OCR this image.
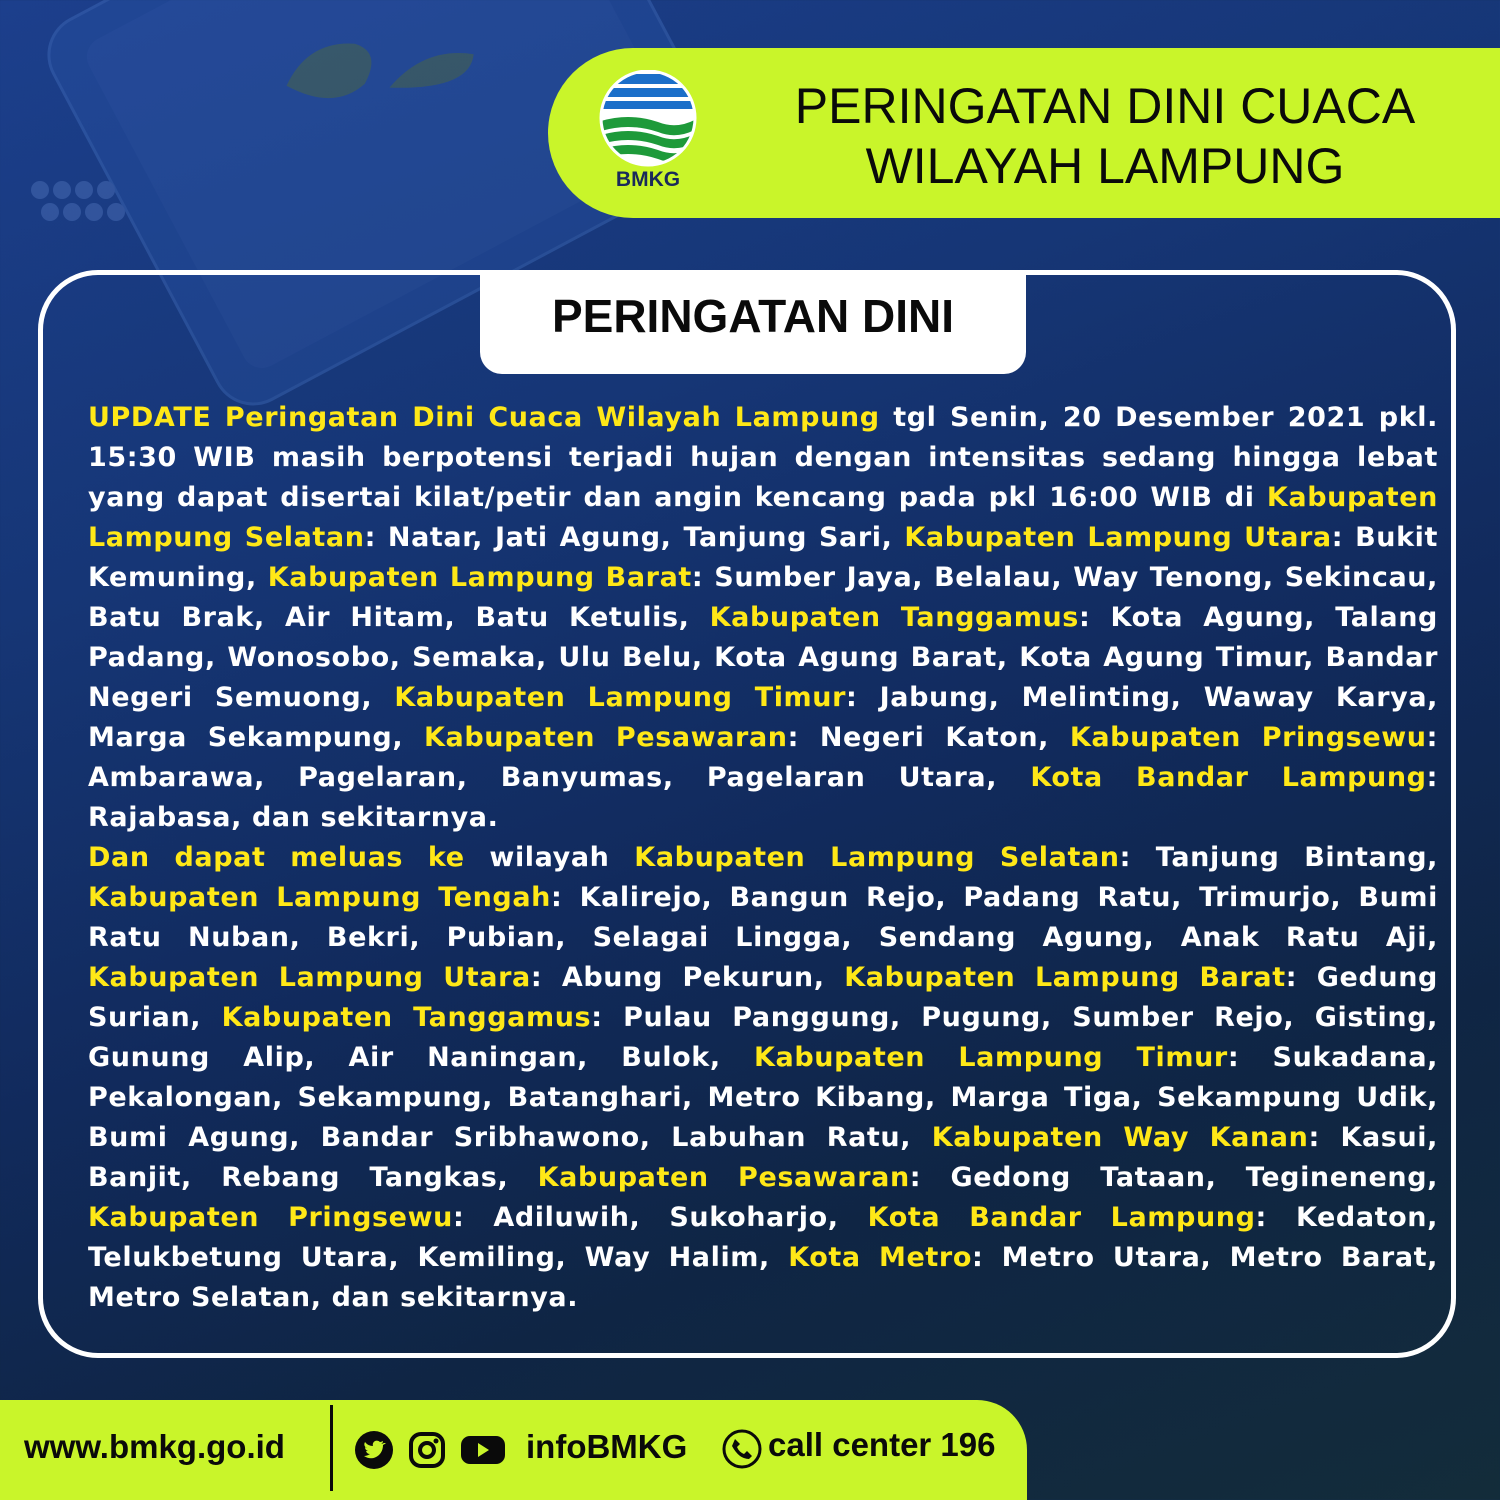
BMKG
PERINGATAN DINI CUACA
WILAYAH LAMPUNG
PERINGATAN DINI
UPDATE Peringatan Dini Cuaca Wilayah Lampung tgl Senin, 20 Desember 2021 pkl. 15:30 WIB masih berpotensi terjadi hujan dengan intensitas sedang hingga lebat yang dapat disertai kilat/petir dan angin kencang pada pkl 16:00 WIB di Kabupaten Lampung Selatan: Natar, Jati Agung, Tanjung Sari, Kabupaten Lampung Utara: Bukit Kemuning, Kabupaten Lampung Barat: Sumber Jaya, Belalau, Way Tenong, Sekincau, Batu Brak, Air Hitam, Batu Ketulis, Kabupaten Tanggamus: Kota Agung, Talang Padang, Wonosobo, Semaka, Ulu Belu, Kota Agung Barat, Kota Agung Timur, Bandar Negeri Semuong, Kabupaten Lampung Timur: Jabung, Melinting, Waway Karya, Marga Sekampung, Kabupaten Pesawaran: Negeri Katon, Kabupaten Pringsewu: Ambarawa, Pagelaran, Banyumas, Pagelaran Utara, Kota Bandar Lampung: Rajabasa, dan sekitarnya.
Dan dapat meluas ke wilayah Kabupaten Lampung Selatan: Tanjung Bintang, Kabupaten Lampung Tengah: Kalirejo, Bangun Rejo, Padang Ratu, Trimurjo, Bumi Ratu Nuban, Bekri, Pubian, Selagai Lingga, Sendang Agung, Anak Ratu Aji, Kabupaten Lampung Utara: Abung Pekurun, Kabupaten Lampung Barat: Gedung Surian, Kabupaten Tanggamus: Pulau Panggung, Pugung, Sumber Rejo, Gisting, Gunung Alip, Air Naningan, Bulok, Kabupaten Lampung Timur: Sukadana, Pekalongan, Sekampung, Batanghari, Metro Kibang, Marga Tiga, Sekampung Udik, Bumi Agung, Bandar Sribhawono, Labuhan Ratu, Kabupaten Way Kanan: Kasui, Banjit, Rebang Tangkas, Kabupaten Pesawaran: Gedong Tataan, Tegineneng, Kabupaten Pringsewu: Adiluwih, Sukoharjo, Kota Bandar Lampung: Kedaton, Telukbetung Utara, Kemiling, Way Halim, Kota Metro: Metro Utara, Metro Barat, Metro Selatan, dan sekitarnya.
www.bmkg.go.id	infoBMKG call center 196
